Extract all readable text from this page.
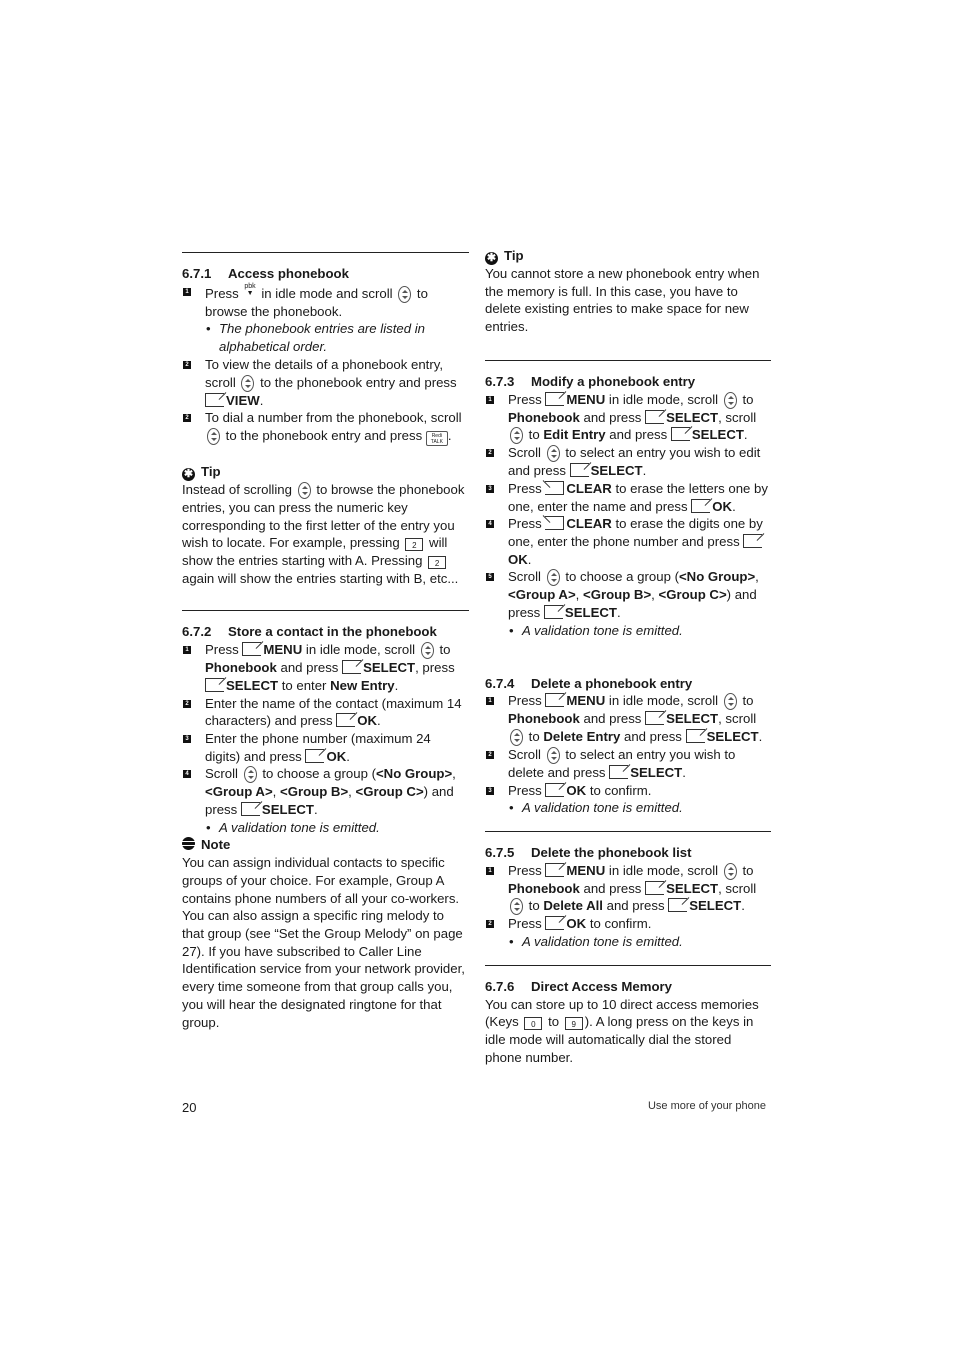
6.7.1 Access phonebook

1 Press pbk
▼ in idle mode and scroll to browse the phonebook.
• The phonebook entries are listed in alphabetical order.
2 To view the details of a phonebook entry, scroll to the phonebook entry and press VIEW.
2 To dial a number from the phonebook, scroll  to the phonebook entry and press Redi
TALK .

✱ Tip

Instead of scrolling to browse the phonebook entries, you can press the numeric key corresponding to the first letter of the entry you wish to locate. For example, pressing 2 will show the entries starting with A. Pressing 2 again will show the entries starting with B, etc...

6.7.2 Store a contact in the phonebook

1 Press MENU in idle mode, scroll to Phonebook and press SELECT, press SELECT to enter New Entry.
2 Enter the name of the contact (maximum 14 characters) and press OK.
3 Enter the phone number (maximum 24 digits) and press OK.
4 Scroll to choose a group (<No Group>, <Group A>, <Group B>, <Group C>) and press SELECT.
• A validation tone is emitted.

Note

You can assign individual contacts to specific groups of your choice. For example, Group A contains phone numbers of all your co-workers. You can also assign a specific ring melody to that group (see “Set the Group Melody” on page 27). If you have subscribed to Caller Line Identification service from your network provider, every time someone from that group calls you, you will hear the designated ringtone for that group.

✱ Tip

You cannot store a new phonebook entry when the memory is full. In this case, you have to delete existing entries to make space for new entries.

6.7.3 Modify a phonebook entry

1 Press MENU in idle mode, scroll to Phonebook and press SELECT, scroll  to Edit Entry and press SELECT.
2 Scroll to select an entry you wish to edit and press SELECT.
3 Press CLEAR to erase the letters one by one, enter the name and press OK.
4 Press CLEAR to erase the digits one by one, enter the phone number and press OK.
5 Scroll to choose a group (<No Group>, <Group A>, <Group B>, <Group C>) and press SELECT.
• A validation tone is emitted.

6.7.4 Delete a phonebook entry

1 Press MENU in idle mode, scroll to Phonebook and press SELECT, scroll  to Delete Entry and press SELECT.
2 Scroll to select an entry you wish to delete and press SELECT.
3 Press OK to confirm.
• A validation tone is emitted.

6.7.5 Delete the phonebook list

1 Press MENU in idle mode, scroll to Phonebook and press SELECT, scroll  to Delete All and press SELECT.
2 Press OK to confirm.
• A validation tone is emitted.

6.7.6 Direct Access Memory

You can store up to 10 direct access memories (Keys 0 to 9 ). A long press on the keys in idle mode will automatically dial the stored phone number.
20	Use more of your phone
